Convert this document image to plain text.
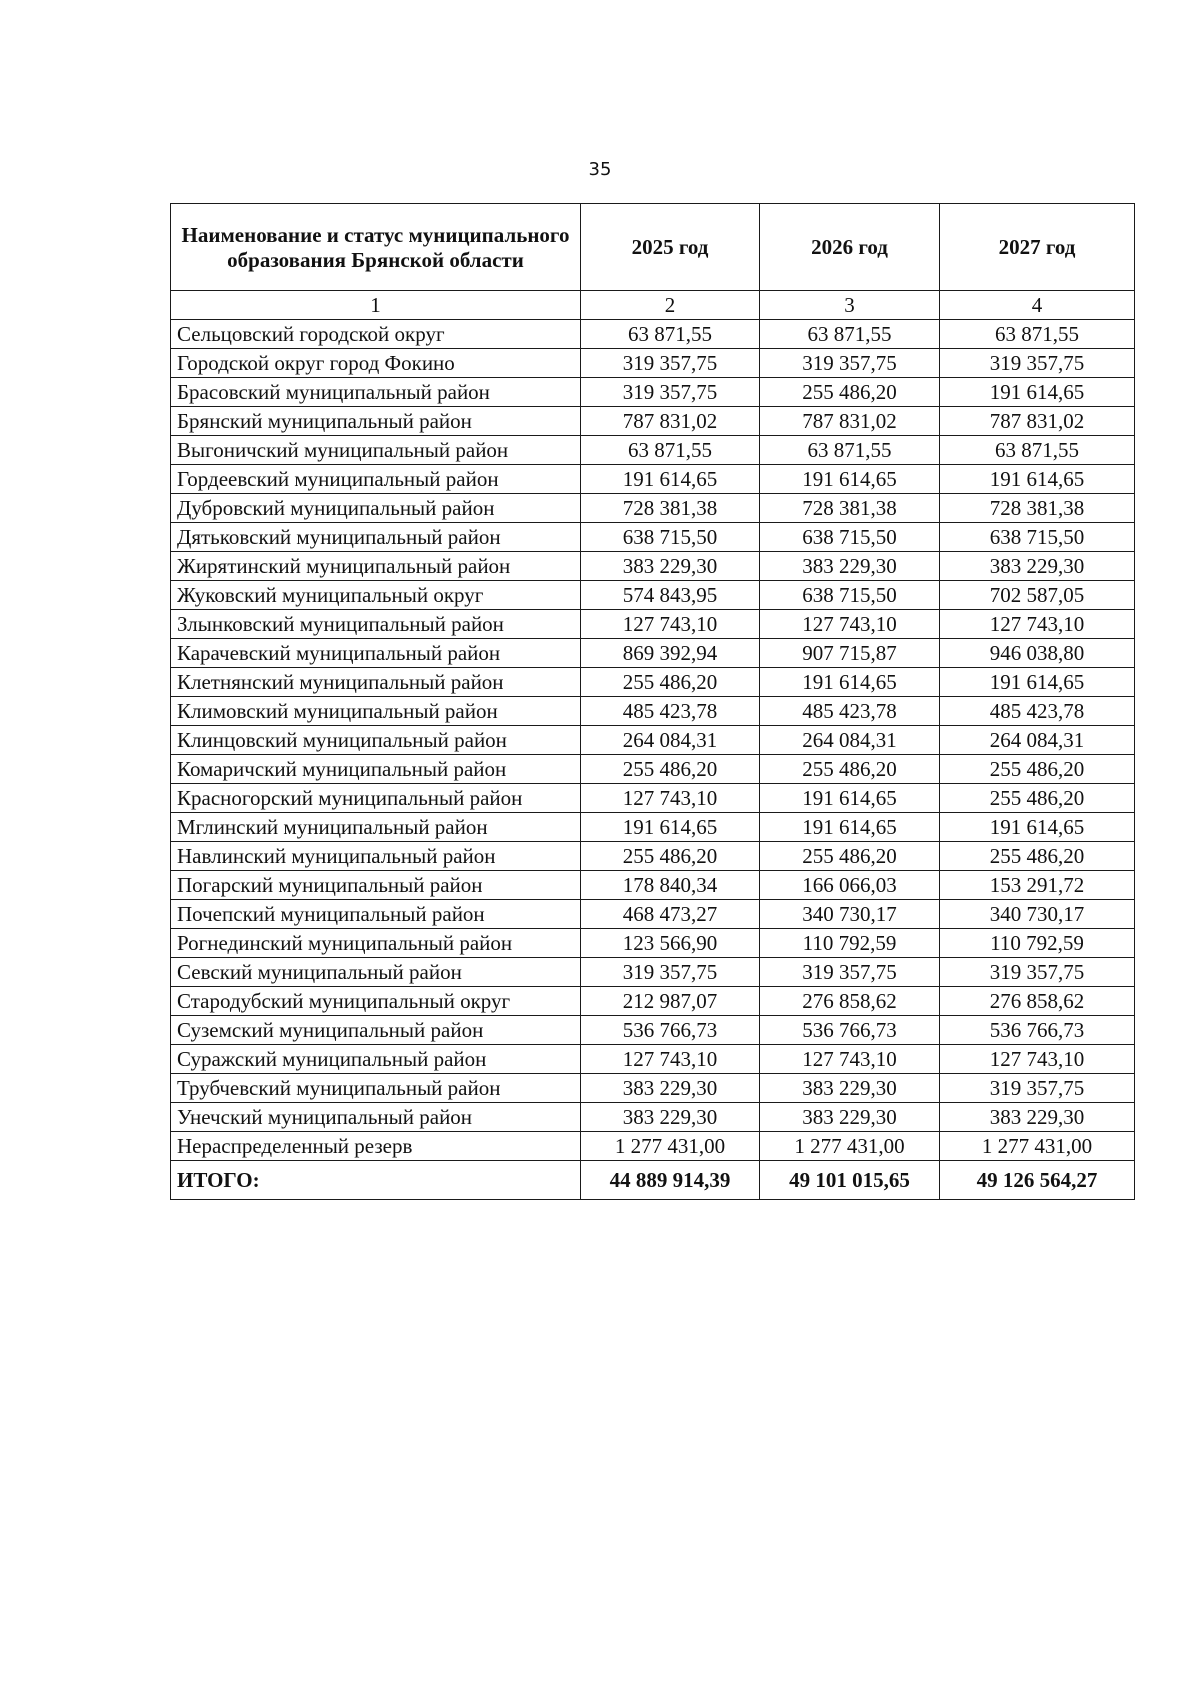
35
Наименование и статус муниципального образования Брянской области	2025 год	2026 год	2027 год
1	2	3	4
Сельцовский городской округ	63 871,55	63 871,55	63 871,55
Городской округ город Фокино	319 357,75	319 357,75	319 357,75
Брасовский муниципальный район	319 357,75	255 486,20	191 614,65
Брянский муниципальный район	787 831,02	787 831,02	787 831,02
Выгоничский муниципальный район	63 871,55	63 871,55	63 871,55
Гордеевский муниципальный район	191 614,65	191 614,65	191 614,65
Дубровский муниципальный район	728 381,38	728 381,38	728 381,38
Дятьковский муниципальный район	638 715,50	638 715,50	638 715,50
Жирятинский муниципальный район	383 229,30	383 229,30	383 229,30
Жуковский муниципальный округ	574 843,95	638 715,50	702 587,05
Злынковский муниципальный район	127 743,10	127 743,10	127 743,10
Карачевский муниципальный район	869 392,94	907 715,87	946 038,80
Клетнянский муниципальный район	255 486,20	191 614,65	191 614,65
Климовский муниципальный район	485 423,78	485 423,78	485 423,78
Клинцовский муниципальный район	264 084,31	264 084,31	264 084,31
Комаричский муниципальный район	255 486,20	255 486,20	255 486,20
Красногорский муниципальный район	127 743,10	191 614,65	255 486,20
Мглинский муниципальный район	191 614,65	191 614,65	191 614,65
Навлинский муниципальный район	255 486,20	255 486,20	255 486,20
Погарский муниципальный район	178 840,34	166 066,03	153 291,72
Почепский муниципальный район	468 473,27	340 730,17	340 730,17
Рогнединский муниципальный район	123 566,90	110 792,59	110 792,59
Севский муниципальный район	319 357,75	319 357,75	319 357,75
Стародубский муниципальный округ	212 987,07	276 858,62	276 858,62
Суземский муниципальный район	536 766,73	536 766,73	536 766,73
Суражский муниципальный район	127 743,10	127 743,10	127 743,10
Трубчевский муниципальный район	383 229,30	383 229,30	319 357,75
Унечский муниципальный район	383 229,30	383 229,30	383 229,30
Нераспределенный резерв	1 277 431,00	1 277 431,00	1 277 431,00
ИТОГО:	44 889 914,39	49 101 015,65	49 126 564,27
